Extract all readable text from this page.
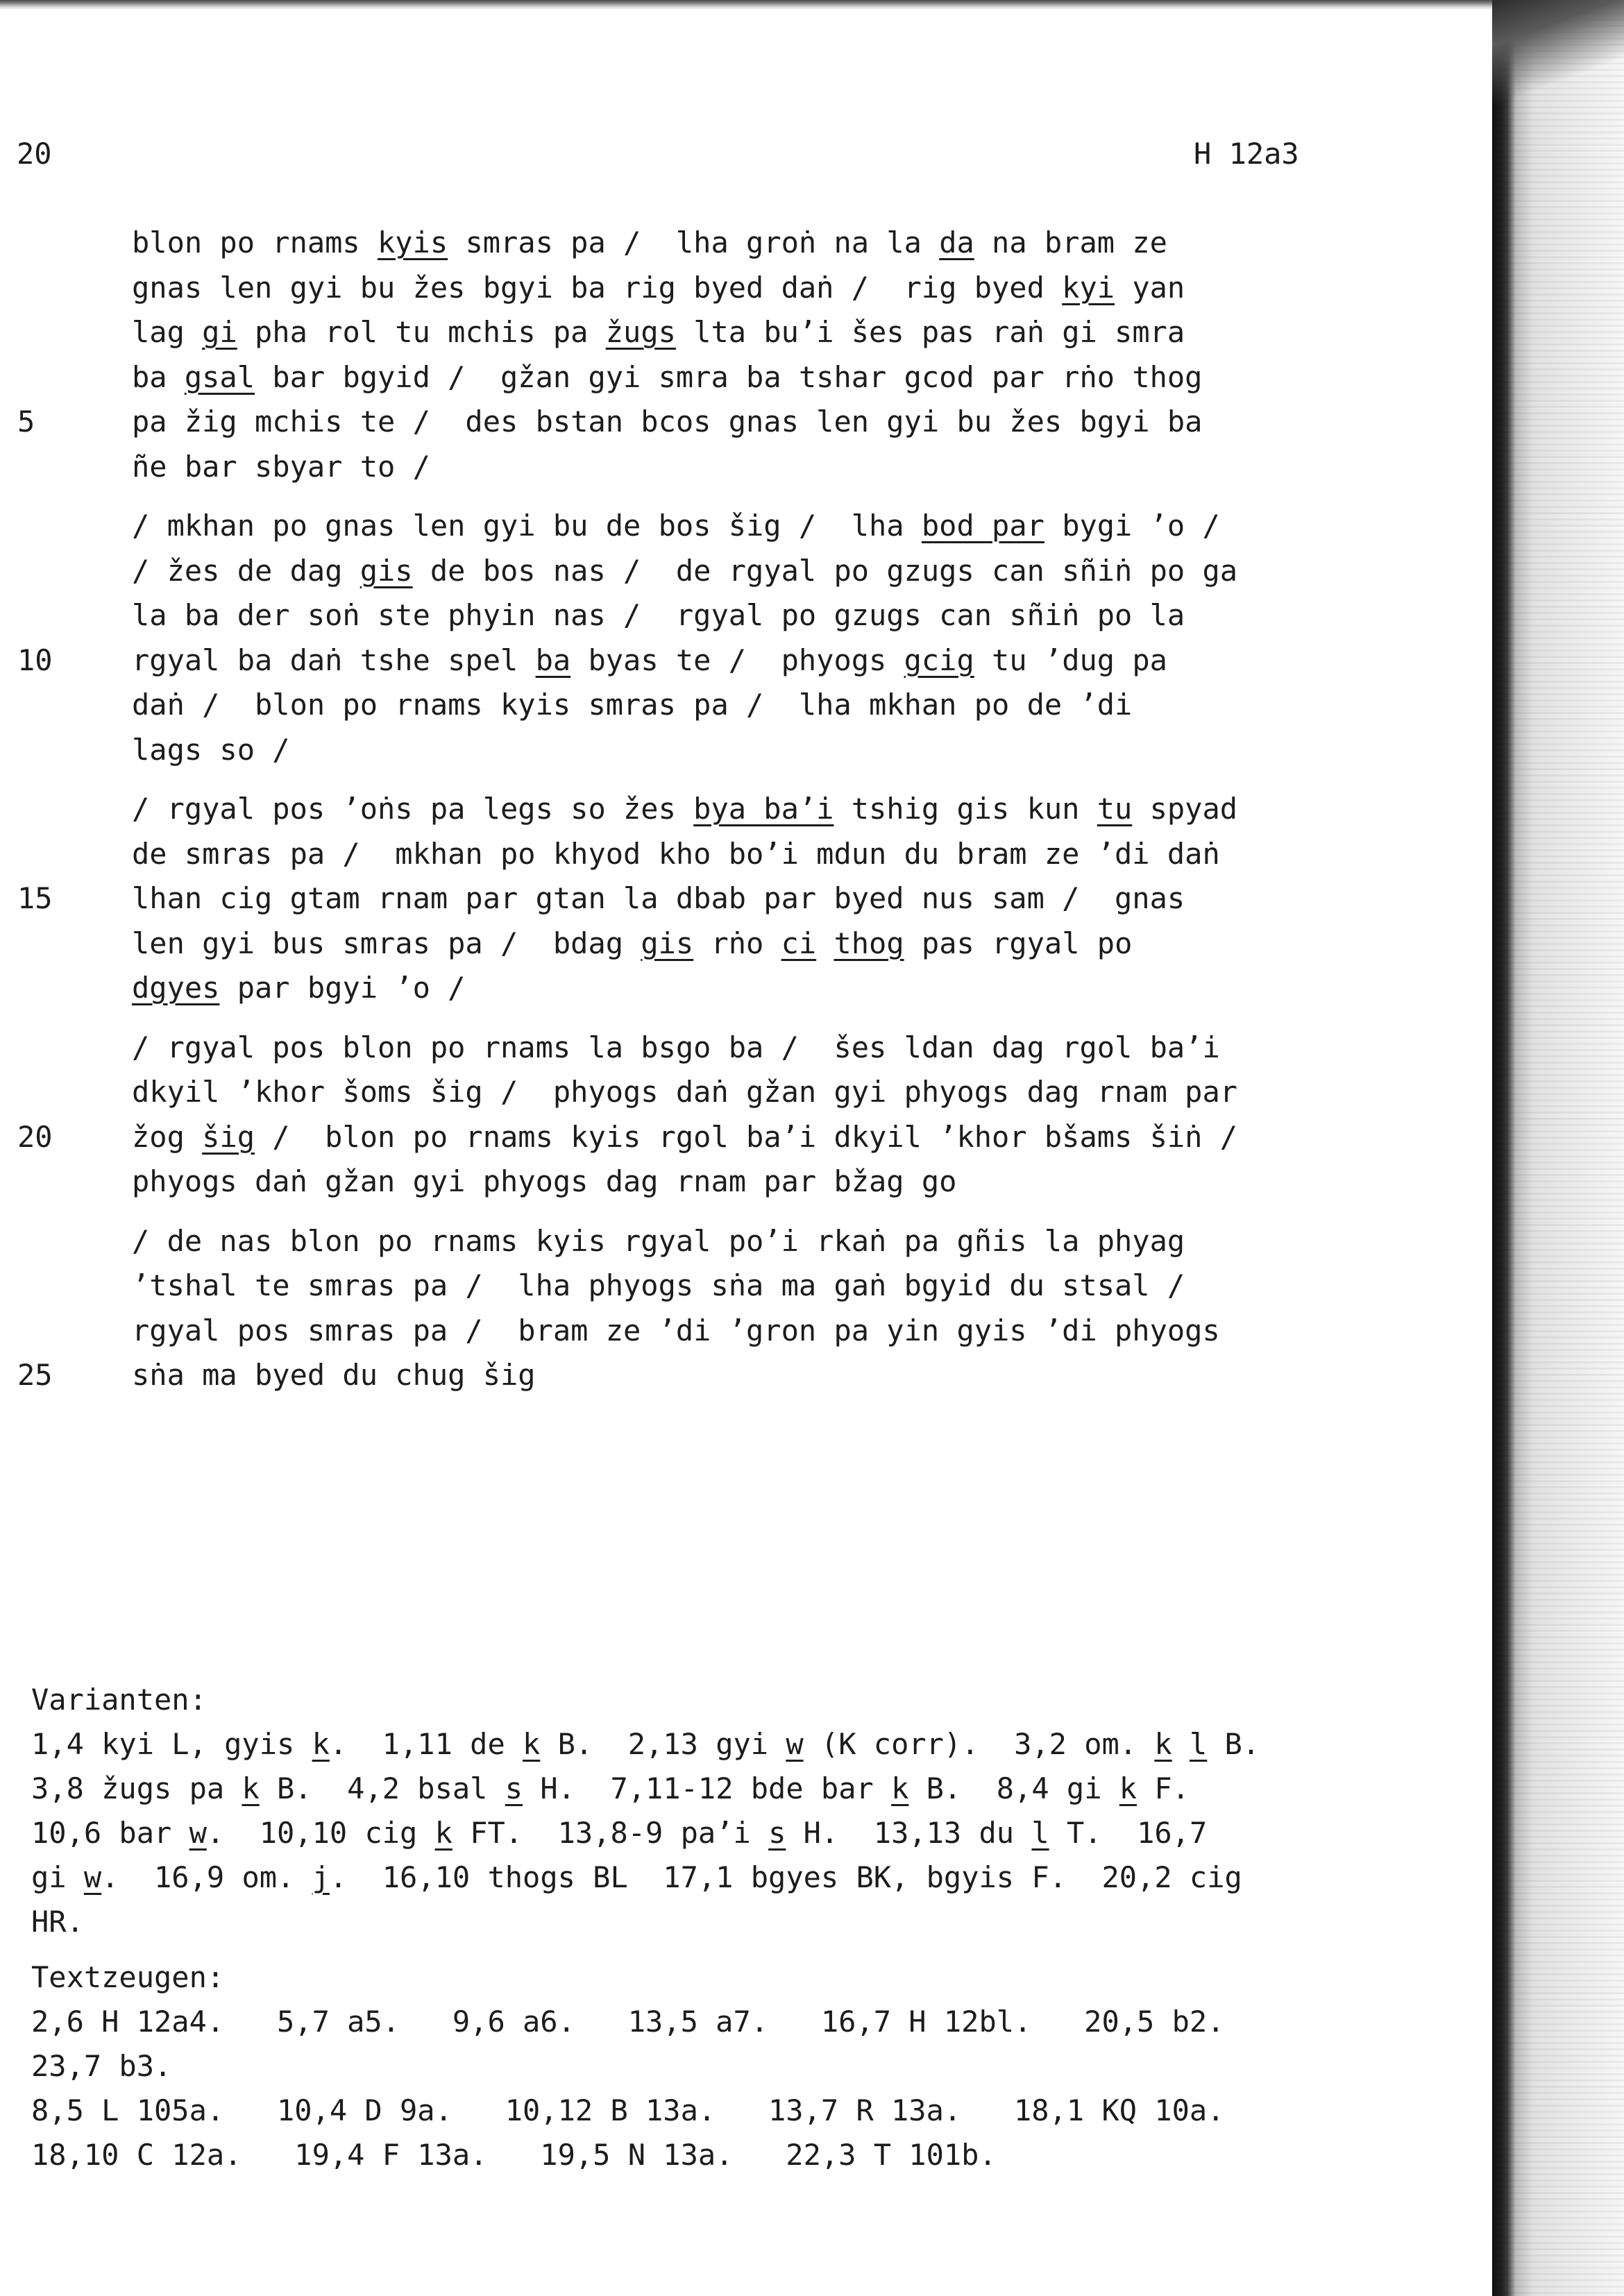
20	H 12a3
blon po rnams kyis smras pa /  lha groṅ na la da na bram ze
gnas len gyi bu žes bgyi ba rig byed daṅ /  rig byed kyi yan
lag gi pha rol tu mchis pa žugs lta bu’i šes pas raṅ gi smra
ba gsal bar bgyid /  gžan gyi smra ba tshar gcod par rṅo thog
5	pa žig mchis te /  des bstan bcos gnas len gyi bu žes bgyi ba
ñe bar sbyar to /
/ mkhan po gnas len gyi bu de bos šig /  lha bod par bygi ’o /
/ žes de dag gis de bos nas /  de rgyal po gzugs can sñiṅ po ga
la ba der soṅ ste phyin nas /  rgyal po gzugs can sñiṅ po la
10	rgyal ba daṅ tshe spel ba byas te /  phyogs gcig tu ’dug pa
daṅ /  blon po rnams kyis smras pa /  lha mkhan po de ’di
lags so /
/ rgyal pos ’oṅs pa legs so žes bya ba’i tshig gis kun tu spyad
de smras pa /  mkhan po khyod kho bo’i mdun du bram ze ’di daṅ
15	lhan cig gtam rnam par gtan la dbab par byed nus sam /  gnas
len gyi bus smras pa /  bdag gis rṅo ci thog pas rgyal po
dgyes par bgyi ’o /
/ rgyal pos blon po rnams la bsgo ba /  šes ldan dag rgol ba’i
dkyil ’khor šoms šig /  phyogs daṅ gžan gyi phyogs dag rnam par
20	žog šig /  blon po rnams kyis rgol ba’i dkyil ’khor bšams šiṅ /
phyogs daṅ gžan gyi phyogs dag rnam par bžag go
/ de nas blon po rnams kyis rgyal po’i rkaṅ pa gñis la phyag
’tshal te smras pa /  lha phyogs sṅa ma gaṅ bgyid du stsal /
rgyal pos smras pa /  bram ze ’di ’gron pa yin gyis ’di phyogs
25	sṅa ma byed du chug šig
Varianten:
1,4 kyi L, gyis k.  1,11 de k B.  2,13 gyi w (K corr).  3,2 om. k l B.
3,8 žugs pa k B.  4,2 bsal s H.  7,11-12 bde bar k B.  8,4 gi k F.
10,6 bar w.  10,10 cig k FT.  13,8-9 pa’i s H.  13,13 du l T.  16,7
gi w.  16,9 om. j.  16,10 thogs BL  17,1 bgyes BK, bgyis F.  20,2 cig
HR.
Textzeugen:
2,6 H 12a4.   5,7 a5.   9,6 a6.   13,5 a7.   16,7 H 12bl.   20,5 b2.
23,7 b3.
8,5 L 105a.   10,4 D 9a.   10,12 B 13a.   13,7 R 13a.   18,1 KQ 10a.
18,10 C 12a.   19,4 F 13a.   19,5 N 13a.   22,3 T 101b.
